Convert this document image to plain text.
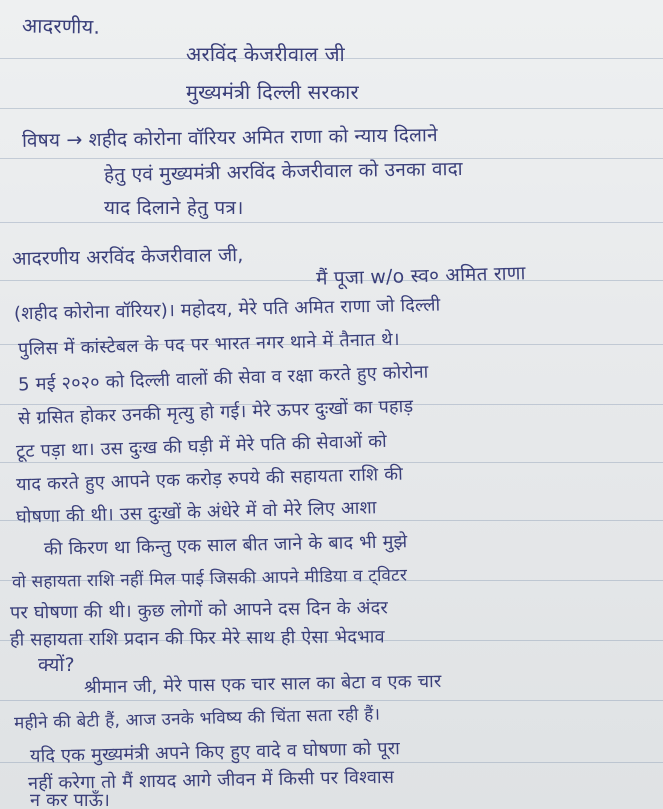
आदरणीय.
अरविंद केजरीवाल जी
मुख्यमंत्री दिल्ली सरकार
विषय → शहीद कोरोना वॉरियर अमित राणा को न्याय दिलाने
हेतु एवं मुख्यमंत्री अरविंद केजरीवाल को उनका वादा
याद दिलाने हेतु पत्र।
आदरणीय अरविंद केजरीवाल जी,
मैं पूजा w/o स्व० अमित राणा
(शहीद कोरोना वॉरियर)। महोदय, मेरे पति अमित राणा जो दिल्ली
पुलिस में कांस्टेबल के पद पर भारत नगर थाने में तैनात थे।
5 मई २०२० को दिल्ली वालों की सेवा व रक्षा करते हुए कोरोना
से ग्रसित होकर उनकी मृत्यु हो गई। मेरे ऊपर दुःखों का पहाड़
टूट पड़ा था। उस दुःख की घड़ी में मेरे पति की सेवाओं को
याद करते हुए आपने एक करोड़ रुपये की सहायता राशि की
घोषणा की थी। उस दुःखों के अंधेरे में वो मेरे लिए आशा
की किरण था किन्तु एक साल बीत जाने के बाद भी मुझे
वो सहायता राशि नहीं मिल पाई जिसकी आपने मीडिया व ट्विटर
पर घोषणा की थी। कुछ लोगों को आपने दस दिन के अंदर
ही सहायता राशि प्रदान की फिर मेरे साथ ही ऐसा भेदभाव
क्यों?
श्रीमान जी, मेरे पास एक चार साल का बेटा व एक चार
महीने की बेटी हैं, आज उनके भविष्य की चिंता सता रही हैं।
यदि एक मुख्यमंत्री अपने किए हुए वादे व घोषणा को पूरा
नहीं करेगा तो मैं शायद आगे जीवन में किसी पर विश्वास
न कर पाऊँ।
